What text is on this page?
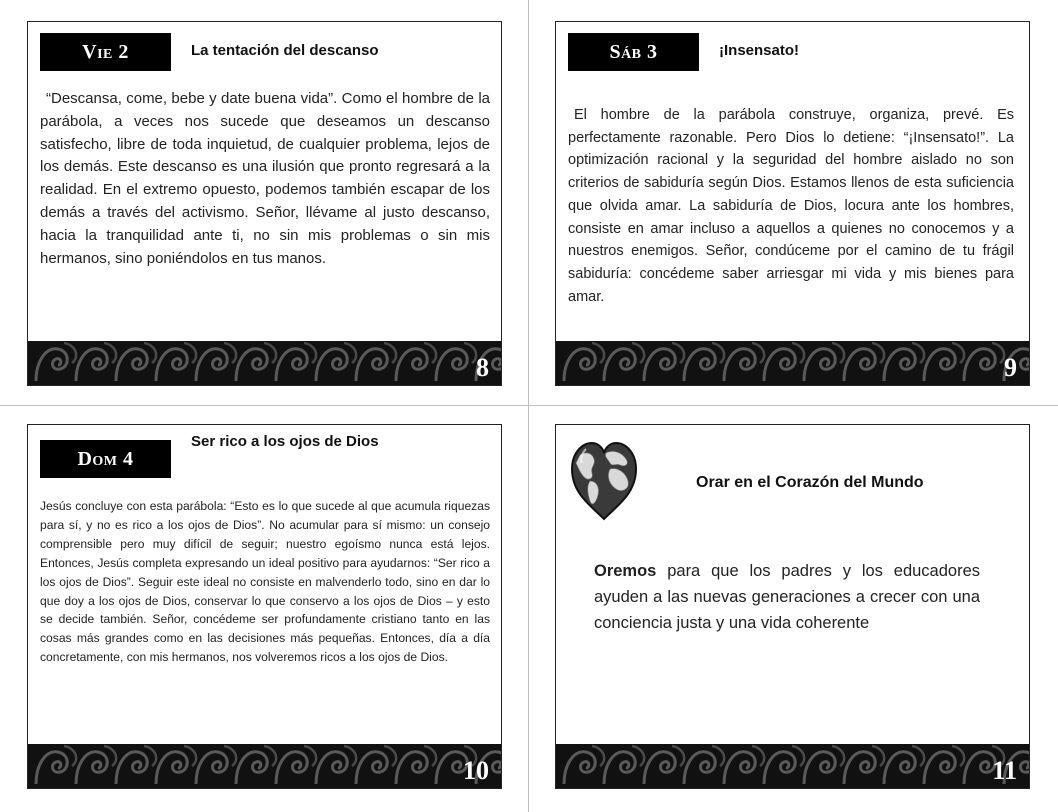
Vie 2	La tentación del descanso
“Descansa, come, bebe y date buena vida”. Como el hombre de la parábola, a veces nos sucede que deseamos un descanso satisfecho, libre de toda inquietud, de cualquier problema, lejos de los demás. Este descanso es una ilusión que pronto regresará a la realidad. En el extremo opuesto, podemos también escapar de los demás a través del activismo. Señor, llévame al justo descanso, hacia la tranquilidad ante ti, no sin mis problemas o sin mis hermanos, sino poniéndolos en tus manos.
8
Sáb 3	¡Insensato!
El hombre de la parábola construye, organiza, prevé. Es perfectamente razonable. Pero Dios lo detiene: “¡Insensato!”. La optimización racional y la seguridad del hombre aislado no son criterios de sabiduría según Dios. Estamos llenos de esta suficiencia que olvida amar. La sabiduría de Dios, locura ante los hombres, consiste en amar incluso a aquellos a quienes no conocemos y a nuestros enemigos. Señor, condúceme por el camino de tu frágil sabiduría: concédeme saber arriesgar mi vida y mis bienes para amar.
9
Dom 4
Ser rico a los ojos de Dios
Jesús concluye con esta parábola: “Esto es lo que sucede al que acumula riquezas para sí, y no es rico a los ojos de Dios”. No acumular para sí mismo: un consejo comprensible pero muy difícil de seguir; nuestro egoísmo nunca está lejos. Entonces, Jesús completa expresando un ideal positivo para ayudarnos: “Ser rico a los ojos de Dios”. Seguir este ideal no consiste en malvenderlo todo, sino en dar lo que doy a los ojos de Dios, conservar lo que conservo a los ojos de Dios – y esto se decide también. Señor, concédeme ser profundamente cristiano tanto en las cosas más grandes como en las decisiones más pequeñas. Entonces, día a día concretamente, con mis hermanos, nos volveremos ricos a los ojos de Dios.
10
Orar en el Corazón del Mundo
Oremos para que los padres y los educadores ayuden a las nuevas generaciones a crecer con una conciencia justa y una vida coherente
11
